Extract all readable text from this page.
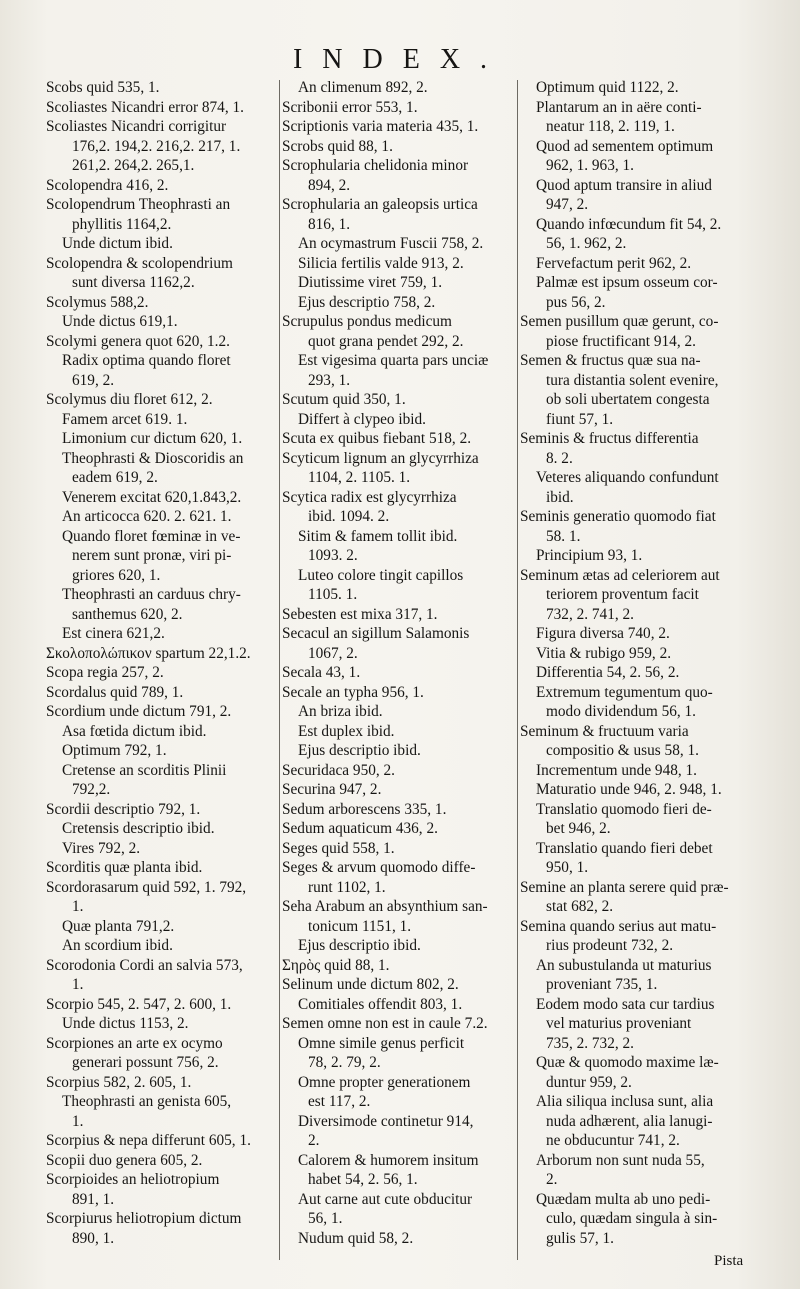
INDEX.
Scobs quid 535, 1.
Scoliastes Nicandri error 874, 1.
Scoliastes Nicandri corrigitur
176,2. 194,2. 216,2. 217, 1.
261,2. 264,2. 265,1.
Scolopendra 416, 2.
Scolopendrum Theophrasti an
phyllitis 1164,2.
Unde dictum ibid.
Scolopendra & scolopendrium
sunt diversa 1162,2.
Scolymus 588,2.
Unde dictus 619,1.
Scolymi genera quot 620, 1.2.
Radix optima quando floret
619, 2.
Scolymus diu floret 612, 2.
Famem arcet 619. 1.
Limonium cur dictum 620, 1.
Theophrasti & Dioscoridis an
eadem 619, 2.
Venerem excitat 620,1.843,2.
An articocca 620. 2. 621. 1.
Quando floret fœminæ in ve-
nerem sunt pronæ, viri pi-
griores 620, 1.
Theophrasti an carduus chry-
santhemus 620, 2.
Est cinera 621,2.
Σκολοπολώπικον spartum 22,1.2.
Scopa regia 257, 2.
Scordalus quid 789, 1.
Scordium unde dictum 791, 2.
Asa fœtida dictum ibid.
Optimum 792, 1.
Cretense an scorditis Plinii
792,2.
Scordii descriptio 792, 1.
Cretensis descriptio ibid.
Vires 792, 2.
Scorditis quæ planta ibid.
Scordorasarum quid 592, 1. 792,
1.
Quæ planta 791,2.
An scordium ibid.
Scorodonia Cordi an salvia 573,
1.
Scorpio 545, 2. 547, 2. 600, 1.
Unde dictus 1153, 2.
Scorpiones an arte ex ocymo
generari possunt 756, 2.
Scorpius 582, 2. 605, 1.
Theophrasti an genista 605,
1.
Scorpius & nepa differunt 605, 1.
Scopii duo genera 605, 2.
Scorpioides an heliotropium
891, 1.
Scorpiurus heliotropium dictum
890, 1.
An climenum 892, 2.
Scribonii error 553, 1.
Scriptionis varia materia 435, 1.
Scrobs quid 88, 1.
Scrophularia chelidonia minor
894, 2.
Scrophularia an galeopsis urtica
816, 1.
An ocymastrum Fuscii 758, 2.
Silicia fertilis valde 913, 2.
Diutissime viret 759, 1.
Ejus descriptio 758, 2.
Scrupulus pondus medicum
quot grana pendet 292, 2.
Est vigesima quarta pars unciæ
293, 1.
Scutum quid 350, 1.
Differt à clypeo ibid.
Scuta ex quibus fiebant 518, 2.
Scyticum lignum an glycyrrhiza
1104, 2. 1105. 1.
Scytica radix est glycyrrhiza
ibid. 1094. 2.
Sitim & famem tollit ibid.
1093. 2.
Luteo colore tingit capillos
1105. 1.
Sebesten est mixa 317, 1.
Secacul an sigillum Salamonis
1067, 2.
Secala 43, 1.
Secale an typha 956, 1.
An briza ibid.
Est duplex ibid.
Ejus descriptio ibid.
Securidaca 950, 2.
Securina 947, 2.
Sedum arborescens 335, 1.
Sedum aquaticum 436, 2.
Seges quid 558, 1.
Seges & arvum quomodo diffe-
runt 1102, 1.
Seha Arabum an absynthium san-
tonicum 1151, 1.
Ejus descriptio ibid.
Σηρὸς quid 88, 1.
Selinum unde dictum 802, 2.
Comitiales offendit 803, 1.
Semen omne non est in caule 7.2.
Omne simile genus perficit
78, 2. 79, 2.
Omne propter generationem
est 117, 2.
Diversimode continetur 914,
2.
Calorem & humorem insitum
habet 54, 2. 56, 1.
Aut carne aut cute obducitur
56, 1.
Nudum quid 58, 2.
Optimum quid 1122, 2.
Plantarum an in aëre conti-
neatur 118, 2. 119, 1.
Quod ad sementem optimum
962, 1. 963, 1.
Quod aptum transire in aliud
947, 2.
Quando infœcundum fit 54, 2.
56, 1. 962, 2.
Fervefactum perit 962, 2.
Palmæ est ipsum osseum cor-
pus 56, 2.
Semen pusillum quæ gerunt, co-
piose fructificant 914, 2.
Semen & fructus quæ sua na-
tura distantia solent evenire,
ob soli ubertatem congesta
fiunt 57, 1.
Seminis & fructus differentia
8. 2.
Veteres aliquando confundunt
ibid.
Seminis generatio quomodo fiat
58. 1.
Principium 93, 1.
Seminum ætas ad celeriorem aut
teriorem proventum facit
732, 2. 741, 2.
Figura diversa 740, 2.
Vitia & rubigo 959, 2.
Differentia 54, 2. 56, 2.
Extremum tegumentum quo-
modo dividendum 56, 1.
Seminum & fructuum varia
compositio & usus 58, 1.
Incrementum unde 948, 1.
Maturatio unde 946, 2. 948, 1.
Translatio quomodo fieri de-
bet 946, 2.
Translatio quando fieri debet
950, 1.
Semine an planta serere quid præ-
stat 682, 2.
Semina quando serius aut matu-
rius prodeunt 732, 2.
An subustulanda ut maturius
proveniant 735, 1.
Eodem modo sata cur tardius
vel maturius proveniant
735, 2. 732, 2.
Quæ & quomodo maxime læ-
duntur 959, 2.
Alia siliqua inclusa sunt, alia
nuda adhærent, alia lanugi-
ne obducuntur 741, 2.
Arborum non sunt nuda 55,
2.
Quædam multa ab uno pedi-
culo, quædam singula à sin-
gulis 57, 1.
Pista
